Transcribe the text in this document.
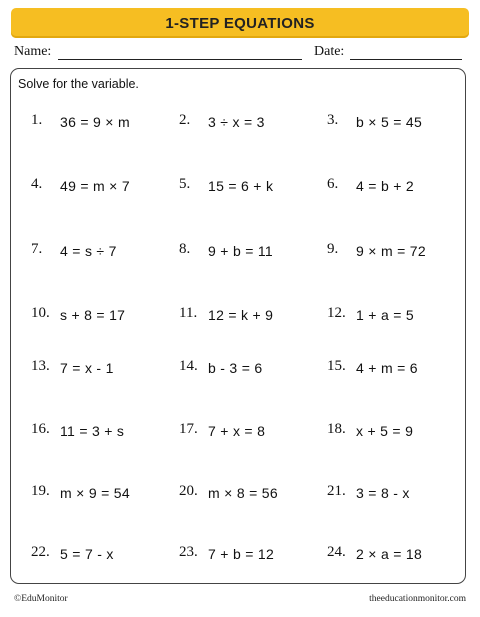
1-STEP EQUATIONS
Name:	Date:
Solve for the variable.
1. 36 = 9 × m	2. 3 ÷ x = 3	3. b × 5 = 45
4. 49 = m × 7	5. 15 = 6 + k	6. 4 = b + 2
7. 4 = s ÷ 7	8. 9 + b = 11	9. 9 × m = 72
10. s + 8 = 17	11. 12 = k + 9	12. 1 + a = 5
13. 7 = x - 1	14. b - 3 = 6	15. 4 + m = 6
16. 11 = 3 + s	17. 7 + x = 8	18. x + 5 = 9
19. m × 9 = 54	20. m × 8 = 56	21. 3 = 8 - x
22. 5 = 7 - x	23. 7 + b = 12	24. 2 × a = 18
©EduMonitor	theeducationmonitor.com
